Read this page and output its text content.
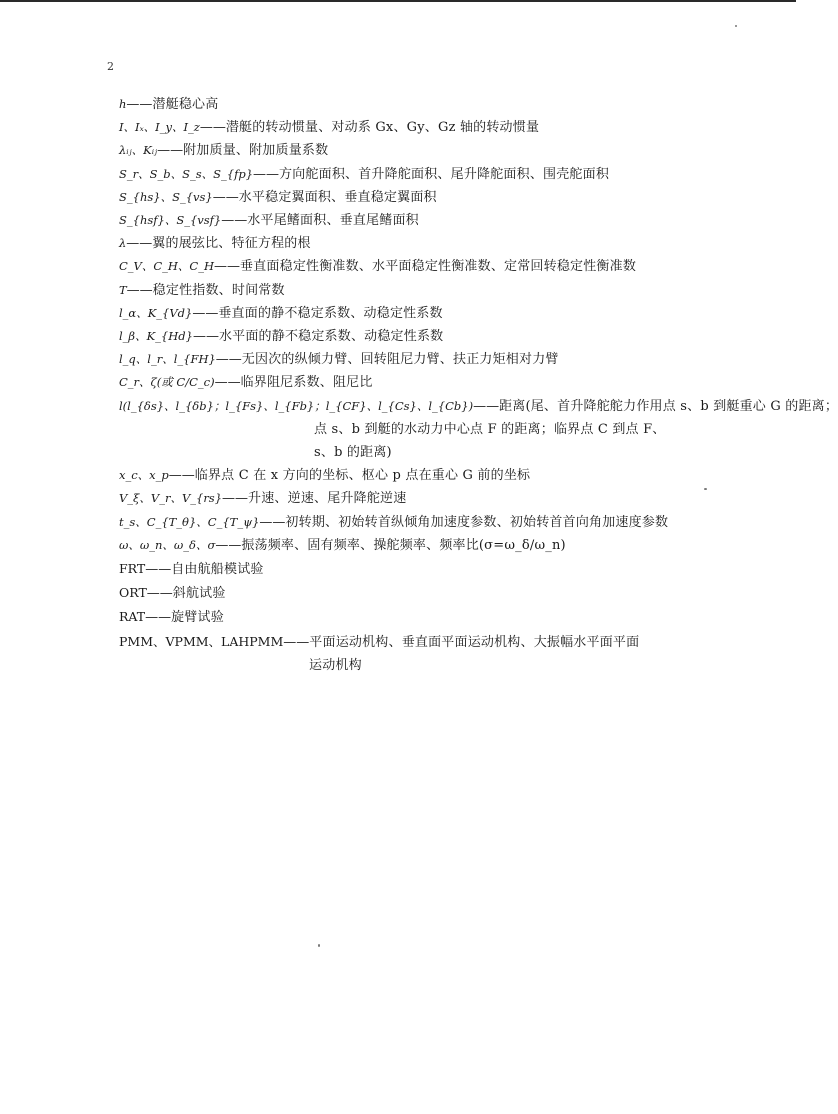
2
h——潜艇稳心高
I、Iₓ、I_y、I_z——潜艇的转动惯量、对动系 Gx、Gy、Gz 轴的转动惯量
λᵢⱼ、Kᵢⱼ——附加质量、附加质量系数
S_r、S_b、S_s、S_{fp}——方向舵面积、首升降舵面积、尾升降舵面积、围壳舵面积
S_{hs}、S_{vs}——水平稳定翼面积、垂直稳定翼面积
S_{hsf}、S_{vsf}——水平尾鳍面积、垂直尾鳍面积
λ——翼的展弦比、特征方程的根
C_V、C_H、C_H——垂直面稳定性衡准数、水平面稳定性衡准数、定常回转稳定性衡准数
T——稳定性指数、时间常数
l_α、K_{Vd}——垂直面的静不稳定系数、动稳定性系数
l_β、K_{Hd}——水平面的静不稳定系数、动稳定性系数
l_q、l_r、l_{FH}——无因次的纵倾力臂、回转阻尼力臂、扶正力矩相对力臂
C_r、ζ(或 C/C_c)——临界阻尼系数、阻尼比
l(l_{δs}、l_{δb}；l_{Fs}、l_{Fb}；l_{CF}、l_{Cs}、l_{Cb})——距离(尾、首升降舵舵力作用点 s、b 到艇重心 G 的距离；
点 s、b 到艇的水动力中心点 F 的距离；临界点 C 到点 F、
s、b 的距离)
x_c、x_p——临界点 C 在 x 方向的坐标、枢心 p 点在重心 G 前的坐标
V_ξ、V_r、V_{rs}——升速、逆速、尾升降舵逆速
t_s、C_{T_θ}、C_{T_ψ}——初转期、初始转首纵倾角加速度参数、初始转首首向角加速度参数
ω、ω_n、ω_δ、σ——振荡频率、固有频率、操舵频率、频率比(σ=ω_δ/ω_n)
FRT——自由航船模试验
ORT——斜航试验
RAT——旋臂试验
PMM、VPMM、LAHPMM——平面运动机构、垂直面平面运动机构、大振幅水平面平面
运动机构
